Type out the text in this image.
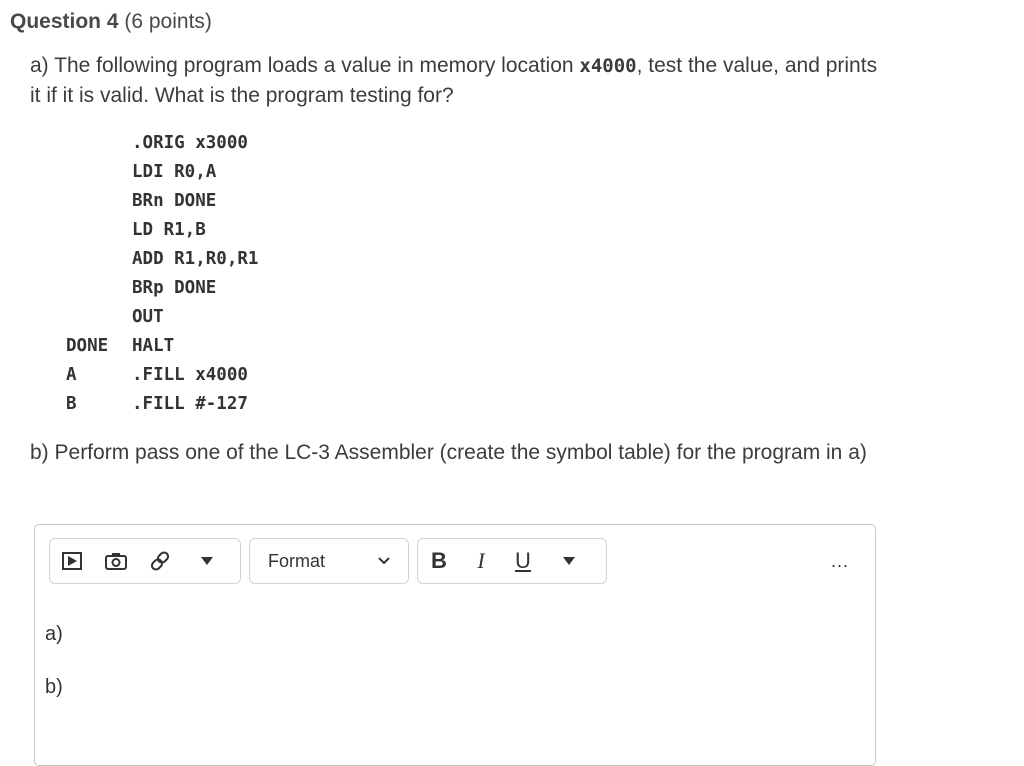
Question 4 (6 points)
a) The following program loads a value in memory location x4000, test the value, and prints it if it is valid. What is the program testing for?
.ORIG x3000
LDI R0,A
BRn DONE
LD R1,B
ADD R1,R0,R1
BRp DONE
OUT
DONE	HALT
A	.FILL x4000
B	.FILL #-127
b) Perform pass one of the LC-3 Assembler (create the symbol table) for the program in a)
Format	B	I	U	...
a)
b)
